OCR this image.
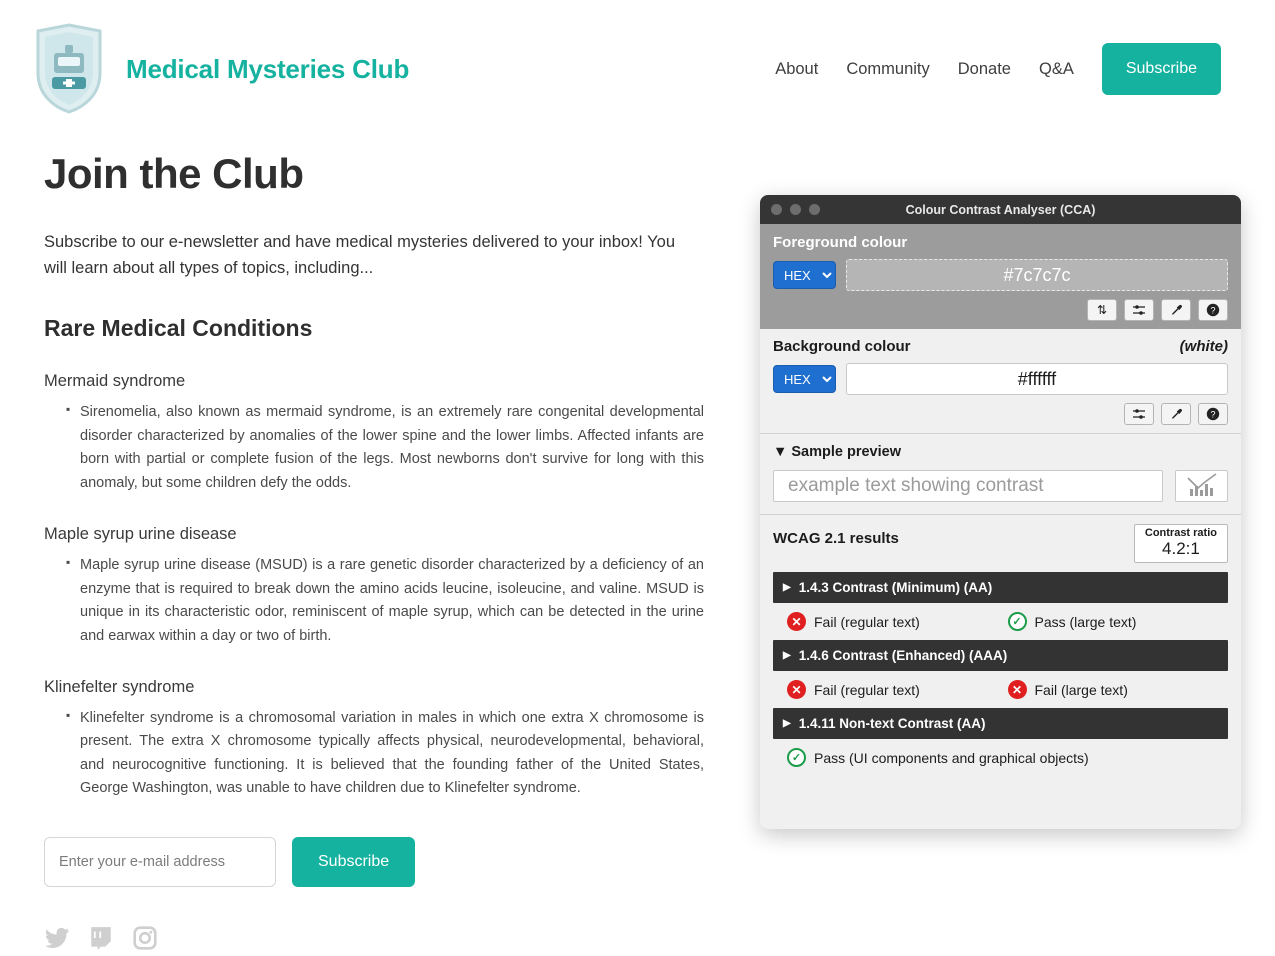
Medical Mysteries Club	About Community Donate Q&A	Subscribe
Join the Club

Subscribe to our e-newsletter and have medical mysteries delivered to your inbox! You will learn about all types of topics, including...

Rare Medical Conditions
Mermaid syndrome
▪ Sirenomelia, also known as mermaid syndrome, is an extremely rare congenital developmental disorder characterized by anomalies of the lower spine and the lower limbs. Affected infants are born with partial or complete fusion of the legs. Most newborns don't survive for long with this anomaly, but some children defy the odds.
Maple syrup urine disease
▪ Maple syrup urine disease (MSUD) is a rare genetic disorder characterized by a deficiency of an enzyme that is required to break down the amino acids leucine, isoleucine, and valine. MSUD is unique in its characteristic odor, reminiscent of maple syrup, which can be detected in the urine and earwax within a day or two of birth.
Klinefelter syndrome
▪ Klinefelter syndrome is a chromosomal variation in males in which one extra X chromosome is present. The extra X chromosome typically affects physical, neurodevelopmental, behavioral, and neurocognitive functioning. It is believed that the founding father of the United States, George Washington, was unable to have children due to Klinefelter syndrome.
Enter your e-mail address
Subscribe
Colour Contrast Analyser (CCA)
Foreground colour
HEX
#7c7c7c
⇅	?
Background colour	(white)
HEX
#ffffff
?
▼ Sample preview
example text showing contrast
WCAG 2.1 results	Contrast ratio
4.2:1
▶ 1.4.3 Contrast (Minimum) (AA)
✕ Fail (regular text)	✓ Pass (large text)
▶ 1.4.6 Contrast (Enhanced) (AAA)
✕ Fail (regular text)	✕ Fail (large text)
▶ 1.4.11 Non-text Contrast (AA)
✓ Pass (UI components and graphical objects)
